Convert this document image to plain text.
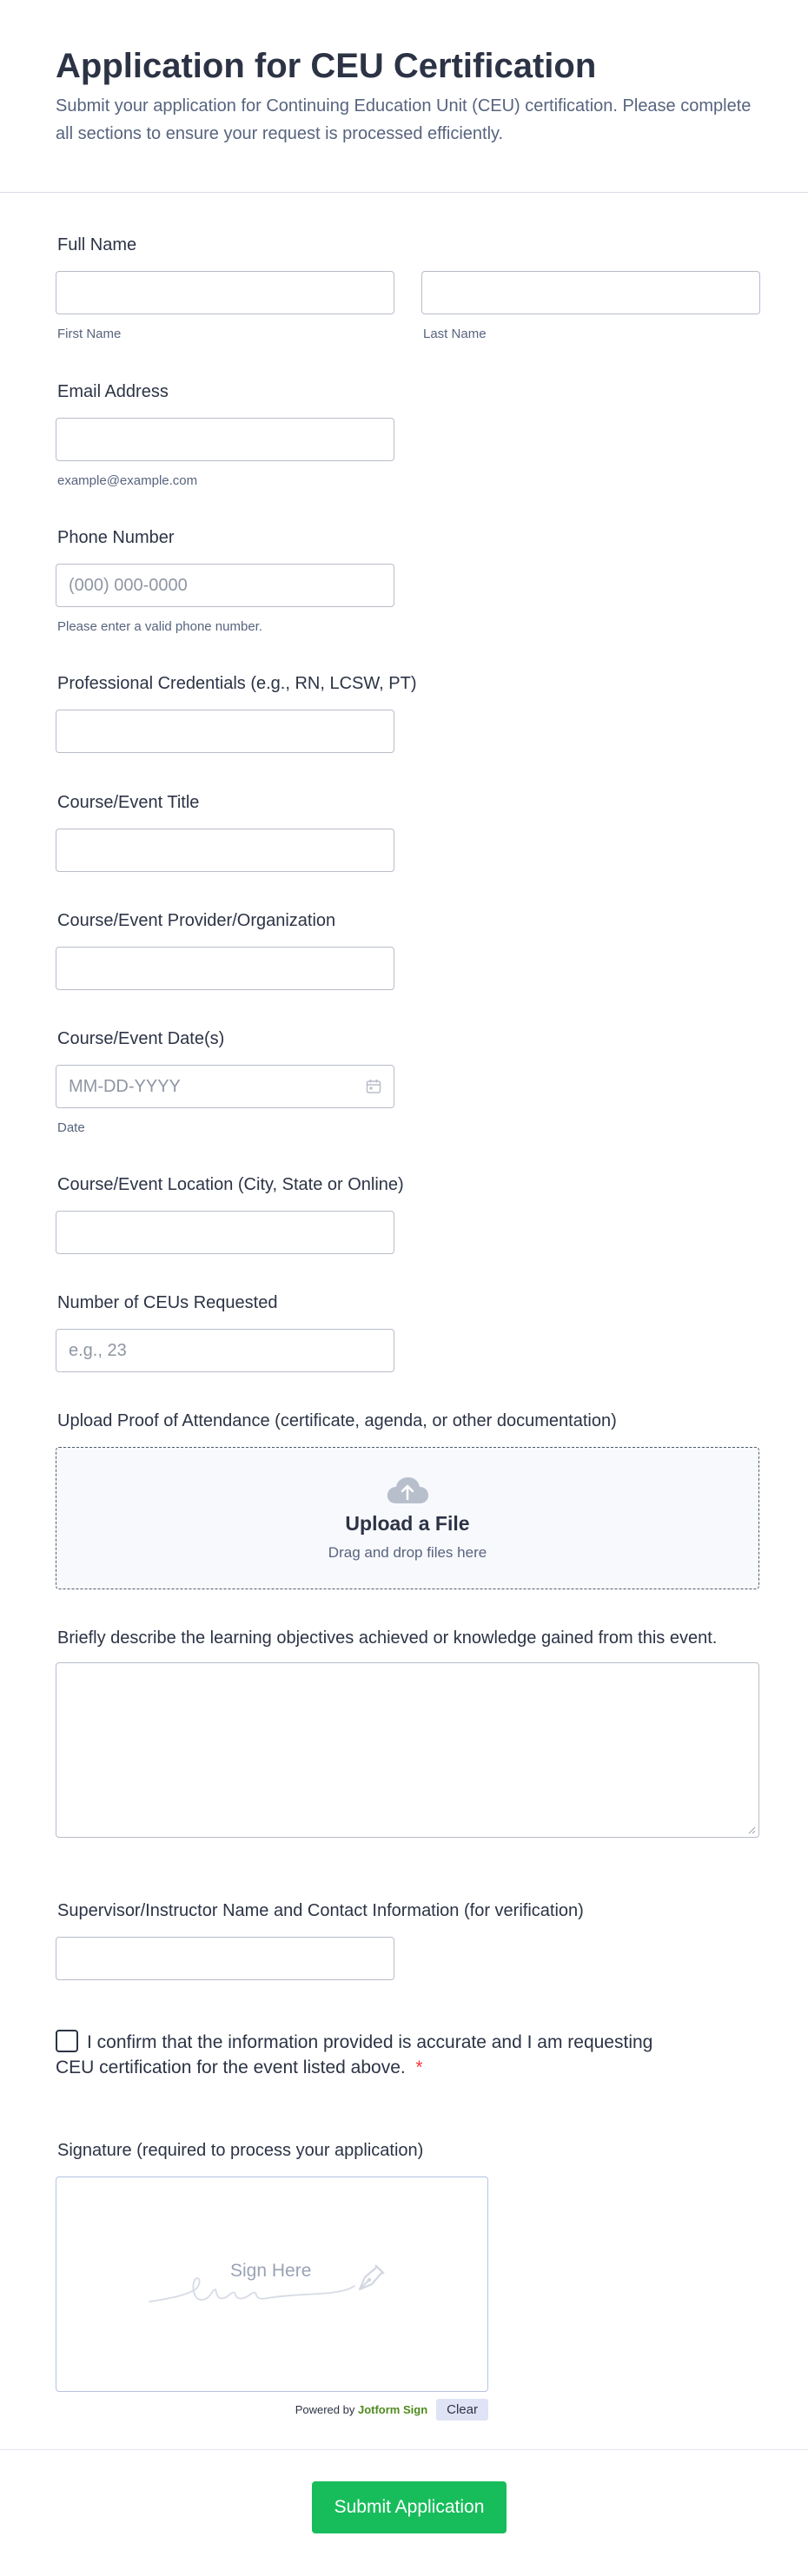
Application for CEU Certification

Submit your application for Continuing Education Unit (CEU) certification. Please complete all sections to ensure your request is processed efficiently.

Full Name
First Name	Last Name
Email Address
example@example.com
Phone Number
(000) 000-0000
Please enter a valid phone number.
Professional Credentials (e.g., RN, LCSW, PT)
Course/Event Title
Course/Event Provider/Organization
Course/Event Date(s)
MM-DD-YYYY
Date
Course/Event Location (City, State or Online)
Number of CEUs Requested
e.g., 23
Upload Proof of Attendance (certificate, agenda, or other documentation)
Upload a File
Drag and drop files here
Briefly describe the learning objectives achieved or knowledge gained from this event.
Supervisor/Instructor Name and Contact Information (for verification)
I confirm that the information provided is accurate and I am requesting CEU certification for the event listed above. *
Signature (required to process your application)
Sign Here
Powered by Jotform Sign	Clear
Submit Application
